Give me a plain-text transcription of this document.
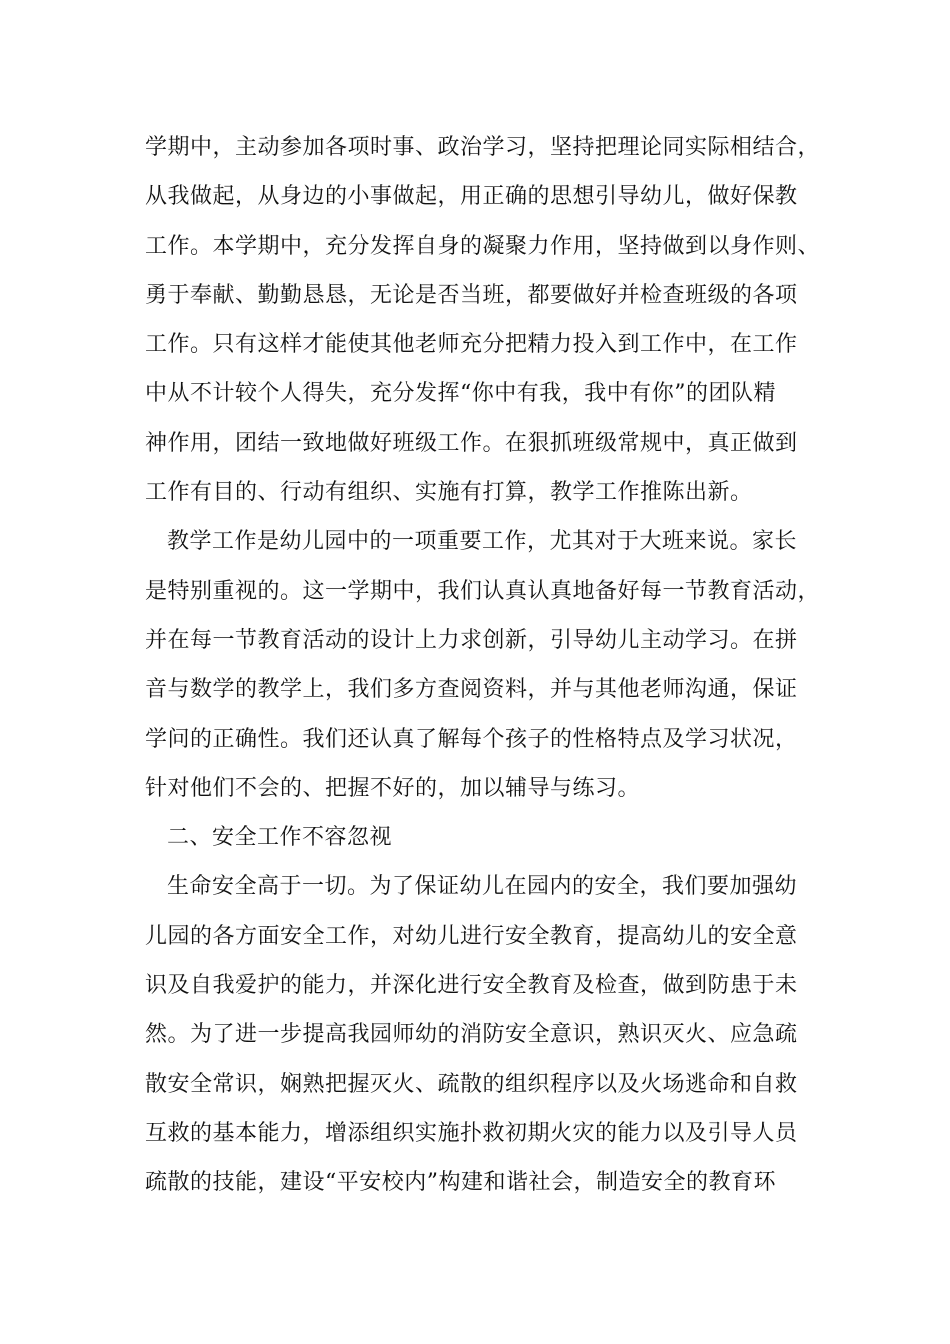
学期中，主动参加各项时事、政治学习，坚持把理论同实际相结合，
从我做起，从身边的小事做起，用正确的思想引导幼儿，做好保教
工作。本学期中，充分发挥自身的凝聚力作用，坚持做到以身作则、
勇于奉献、勤勤恳恳，无论是否当班，都要做好并检查班级的各项
工作。只有这样才能使其他老师充分把精力投入到工作中，在工作
中从不计较个人得失，充分发挥“你中有我，我中有你”的团队精
神作用，团结一致地做好班级工作。在狠抓班级常规中，真正做到
工作有目的、行动有组织、实施有打算，教学工作推陈出新。
教学工作是幼儿园中的一项重要工作，尤其对于大班来说。家长
是特别重视的。这一学期中，我们认真认真地备好每一节教育活动，
并在每一节教育活动的设计上力求创新，引导幼儿主动学习。在拼
音与数学的教学上，我们多方查阅资料，并与其他老师沟通，保证
学问的正确性。我们还认真了解每个孩子的性格特点及学习状况，
针对他们不会的、把握不好的，加以辅导与练习。
二、安全工作不容忽视
生命安全高于一切。为了保证幼儿在园内的安全，我们要加强幼
儿园的各方面安全工作，对幼儿进行安全教育，提高幼儿的安全意
识及自我爱护的能力，并深化进行安全教育及检查，做到防患于未
然。为了进一步提高我园师幼的消防安全意识，熟识灭火、应急疏
散安全常识，娴熟把握灭火、疏散的组织程序以及火场逃命和自救
互救的基本能力，增添组织实施扑救初期火灾的能力以及引导人员
疏散的技能，建设“平安校内”构建和谐社会，制造安全的教育环
